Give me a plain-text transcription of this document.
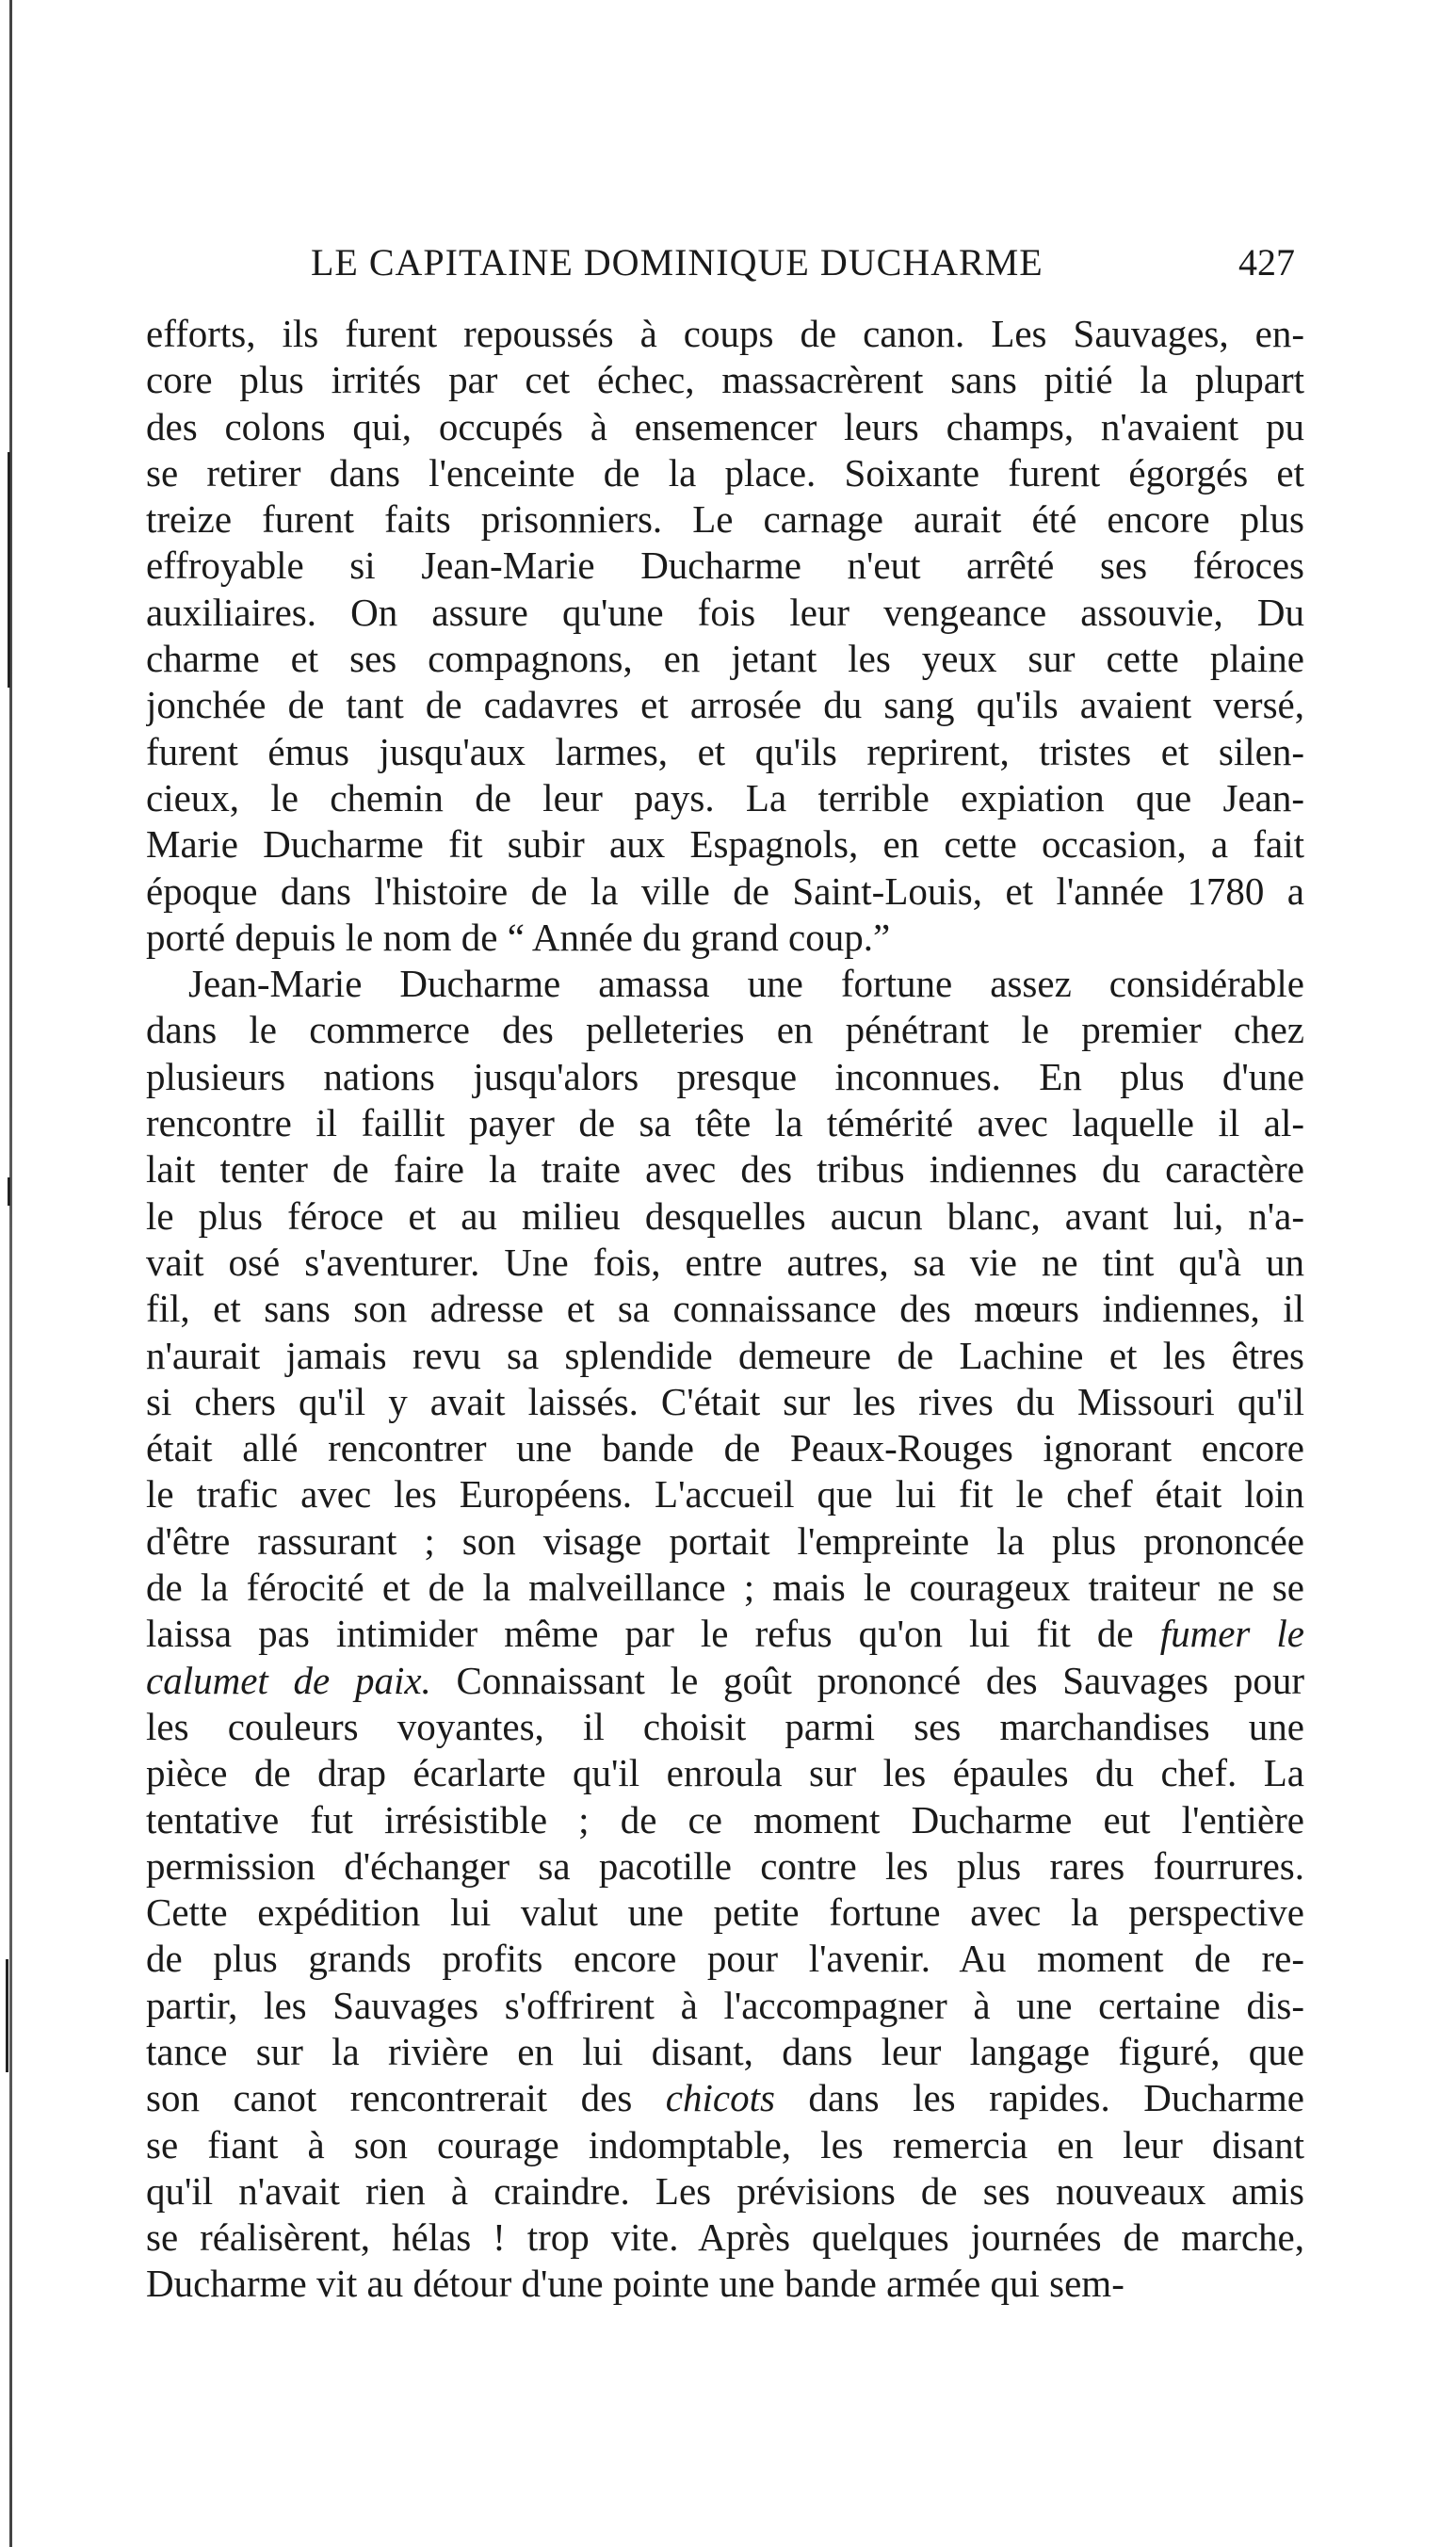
LE CAPITAINE DOMINIQUE DUCHARME	427
efforts, ils furent repoussés à coups de canon. Les Sauvages, en-
core plus irrités par cet échec, massacrèrent sans pitié la plupart
des colons qui, occupés à ensemencer leurs champs, n'avaient pu
se retirer dans l'enceinte de la place. Soixante furent égorgés et
treize furent faits prisonniers. Le carnage aurait été encore plus
effroyable si Jean-Marie Ducharme n'eut arrêté ses féroces
auxiliaires. On assure qu'une fois leur vengeance assouvie, Du
charme et ses compagnons, en jetant les yeux sur cette plaine
jonchée de tant de cadavres et arrosée du sang qu'ils avaient versé,
furent émus jusqu'aux larmes, et qu'ils reprirent, tristes et silen-
cieux, le chemin de leur pays. La terrible expiation que Jean-
Marie Ducharme fit subir aux Espagnols, en cette occasion, a fait
époque dans l'histoire de la ville de Saint-Louis, et l'année 1780 a
porté depuis le nom de “ Année du grand coup.”
Jean-Marie Ducharme amassa une fortune assez considérable
dans le commerce des pelleteries en pénétrant le premier chez
plusieurs nations jusqu'alors presque inconnues. En plus d'une
rencontre il faillit payer de sa tête la témérité avec laquelle il al-
lait tenter de faire la traite avec des tribus indiennes du caractère
le plus féroce et au milieu desquelles aucun blanc, avant lui, n'a-
vait osé s'aventurer. Une fois, entre autres, sa vie ne tint qu'à un
fil, et sans son adresse et sa connaissance des mœurs indiennes, il
n'aurait jamais revu sa splendide demeure de Lachine et les êtres
si chers qu'il y avait laissés. C'était sur les rives du Missouri qu'il
était allé rencontrer une bande de Peaux-Rouges ignorant encore
le trafic avec les Européens. L'accueil que lui fit le chef était loin
d'être rassurant ; son visage portait l'empreinte la plus prononcée
de la férocité et de la malveillance ; mais le courageux traiteur ne se
laissa pas intimider même par le refus qu'on lui fit de fumer le
calumet de paix. Connaissant le goût prononcé des Sauvages pour
les couleurs voyantes, il choisit parmi ses marchandises une
pièce de drap écarlarte qu'il enroula sur les épaules du chef. La
tentative fut irrésistible ; de ce moment Ducharme eut l'entière
permission d'échanger sa pacotille contre les plus rares fourrures.
Cette expédition lui valut une petite fortune avec la perspective
de plus grands profits encore pour l'avenir. Au moment de re-
partir, les Sauvages s'offrirent à l'accompagner à une certaine dis-
tance sur la rivière en lui disant, dans leur langage figuré, que
son canot rencontrerait des chicots dans les rapides. Ducharme
se fiant à son courage indomptable, les remercia en leur disant
qu'il n'avait rien à craindre. Les prévisions de ses nouveaux amis
se réalisèrent, hélas ! trop vite. Après quelques journées de marche,
Ducharme vit au détour d'une pointe une bande armée qui sem-
